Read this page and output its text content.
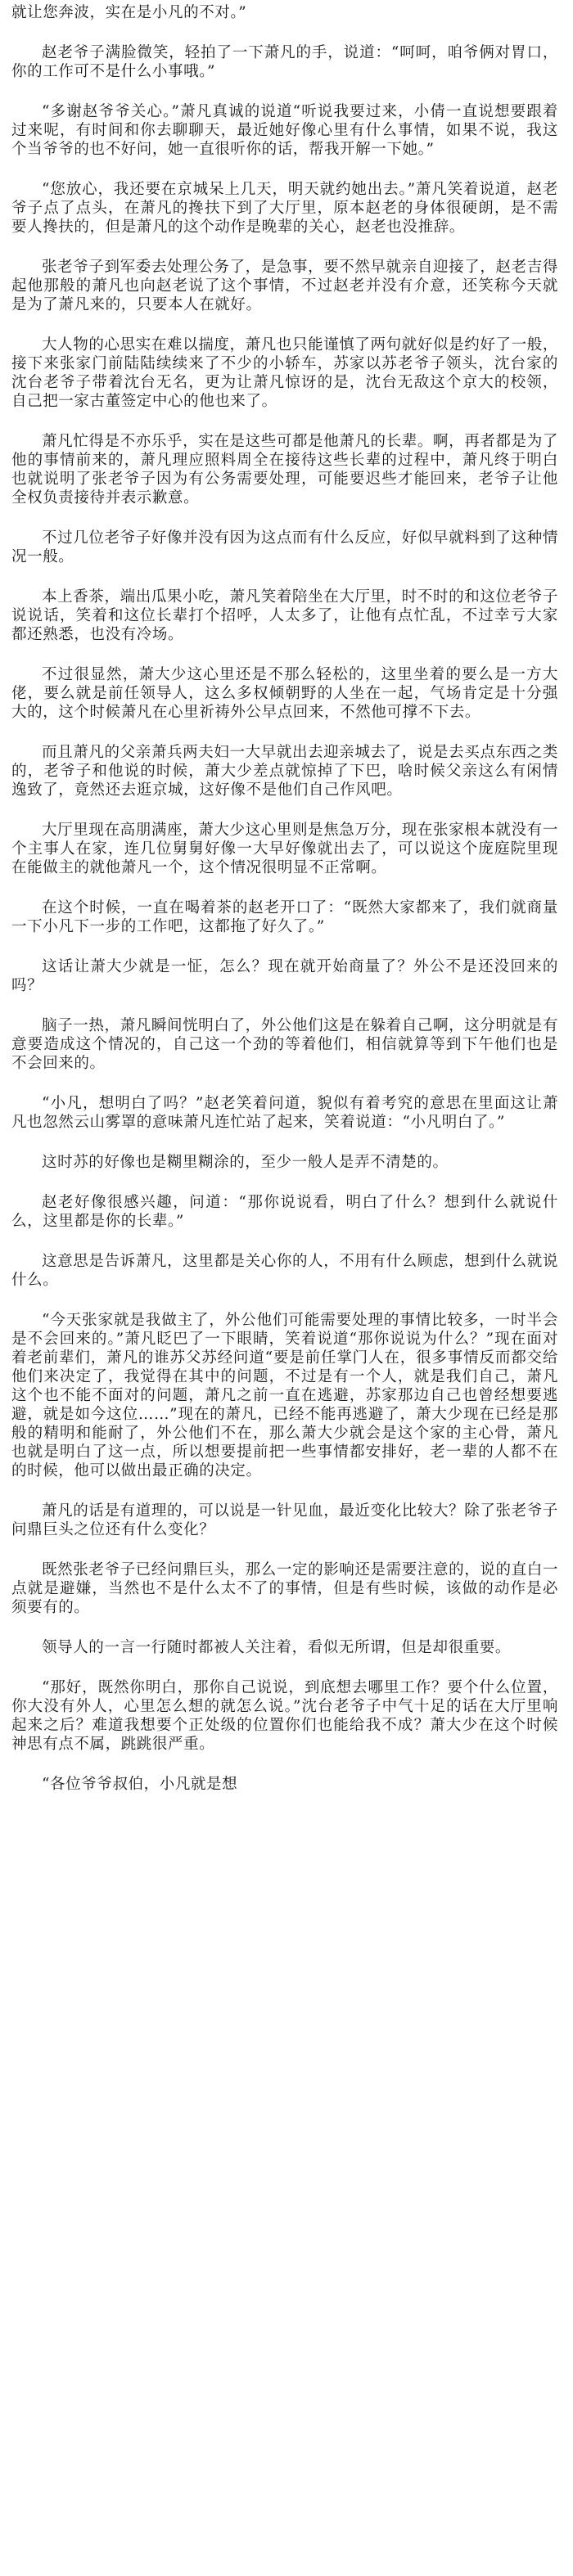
就让您奔波，实在是小凡的不对。”

赵老爷子满脸微笑，轻拍了一下萧凡的手，说道：“呵呵，咱爷俩对胃口，你的工作可不是什么小事哦。”

“多谢赵爷爷关心。”萧凡真诚的说道“听说我要过来，小倩一直说想要跟着过来呢，有时间和你去聊聊天，最近她好像心里有什么事情，如果不说，我这个当爷爷的也不好问，她一直很听你的话，帮我开解一下她。”

“您放心，我还要在京城呆上几天，明天就约她出去。”萧凡笑着说道，赵老爷子点了点头，在萧凡的搀扶下到了大厅里，原本赵老的身体很硬朗，是不需要人搀扶的，但是萧凡的这个动作是晚辈的关心，赵老也没推辞。

张老爷子到军委去处理公务了，是急事，要不然早就亲自迎接了，赵老吉得起他那般的萧凡也向赵老说了这个事情，不过赵老并没有介意，还笑称今天就是为了萧凡来的，只要本人在就好。

大人物的心思实在难以揣度，萧凡也只能谨慎了两句就好似是约好了一般，接下来张家门前陆陆续续来了不少的小轿车，苏家以苏老爷子领头，沈台家的沈台老爷子带着沈台无名，更为让萧凡惊讶的是，沈台无敌这个京大的校领，自己把一家古董签定中心的他也来了。

萧凡忙得是不亦乐乎，实在是这些可都是他萧凡的长辈。啊，再者都是为了他的事情前来的，萧凡理应照料周全在接待这些长辈的过程中，萧凡终于明白也就说明了张老爷子因为有公务需要处理，可能要迟些才能回来，老爷子让他全权负责接待并表示歉意。

不过几位老爷子好像并没有因为这点而有什么反应，好似早就料到了这种情况一般。

本上香茶，端出瓜果小吃，萧凡笑着陪坐在大厅里，时不时的和这位老爷子说说话，笑着和这位长辈打个招呼，人太多了，让他有点忙乱，不过幸亏大家都还熟悉，也没有冷场。

不过很显然，萧大少这心里还是不那么轻松的，这里坐着的要么是一方大佬，要么就是前任领导人，这么多权倾朝野的人坐在一起，气场肯定是十分强大的，这个时候萧凡在心里祈祷外公早点回来，不然他可撑不下去。

而且萧凡的父亲萧兵两夫妇一大早就出去迎亲城去了，说是去买点东西之类的，老爷子和他说的时候，萧大少差点就惊掉了下巴，啥时候父亲这么有闲情逸致了，竟然还去逛京城，这好像不是他们自己作风吧。

大厅里现在高朋满座，萧大少这心里则是焦急万分，现在张家根本就没有一个主事人在家，连几位舅舅好像一大早好像就出去了，可以说这个庞庭院里现在能做主的就他萧凡一个，这个情况很明显不正常啊。

在这个时候，一直在喝着茶的赵老开口了：“既然大家都来了，我们就商量一下小凡下一步的工作吧，这都拖了好久了。”

这话让萧大少就是一怔，怎么？现在就开始商量了？外公不是还没回来的吗？

脑子一热，萧凡瞬间恍明白了，外公他们这是在躲着自己啊，这分明就是有意要造成这个情况的，自己这一个劲的等着他们，相信就算等到下午他们也是不会回来的。

“小凡，想明白了吗？”赵老笑着问道，貌似有着考究的意思在里面这让萧凡也忽然云山雾罩的意味萧凡连忙站了起来，笑着说道：“小凡明白了。”

这时苏的好像也是糊里糊涂的，至少一般人是弄不清楚的。

赵老好像很感兴趣，问道：“那你说说看，明白了什么？想到什么就说什么，这里都是你的长辈。”

这意思是告诉萧凡，这里都是关心你的人，不用有什么顾虑，想到什么就说什么。

“今天张家就是我做主了，外公他们可能需要处理的事情比较多，一时半会是不会回来的。”萧凡眨巴了一下眼睛，笑着说道“那你说说为什么？”现在面对着老前辈们，萧凡的谁苏父苏经问道“要是前任掌门人在，很多事情反而都交给他们来决定了，我觉得在其中的问题，不过是有一个人，就是我们自己，萧凡这个也不能不面对的问题，萧凡之前一直在逃避，苏家那边自己也曾经想要逃避，就是如今这位……”现在的萧凡，已经不能再逃避了，萧大少现在已经是那般的精明和能耐了，外公他们不在，那么萧大少就会是这个家的主心骨，萧凡也就是明白了这一点，所以想要提前把一些事情都安排好，老一辈的人都不在的时候，他可以做出最正确的决定。

萧凡的话是有道理的，可以说是一针见血，最近变化比较大？除了张老爷子问鼎巨头之位还有什么变化？

既然张老爷子已经问鼎巨头，那么一定的影响还是需要注意的，说的直白一点就是避嫌，当然也不是什么太不了的事情，但是有些时候，该做的动作是必须要有的。

领导人的一言一行随时都被人关注着，看似无所谓，但是却很重要。

“那好，既然你明白，那你自己说说，到底想去哪里工作？要个什么位置，你大没有外人，心里怎么想的就怎么说。”沈台老爷子中气十足的话在大厅里响起来之后？难道我想要个正处级的位置你们也能给我不成？萧大少在这个时候神思有点不属，跳跳很严重。

“各位爷爷叔伯，小凡就是想
